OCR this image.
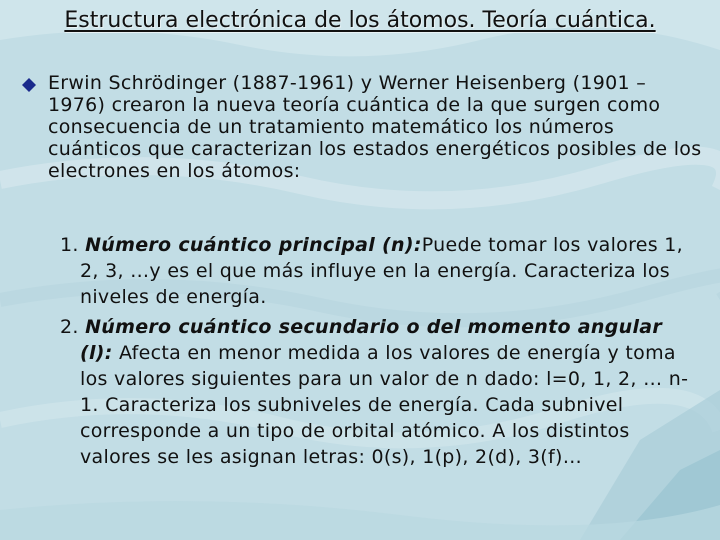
Estructura electrónica de los átomos. Teoría cuántica.
Erwin Schrödinger (1887-1961) y Werner Heisenberg (1901 – 1976) crearon la nueva teoría cuántica de la que surgen como consecuencia de un tratamiento matemático los números cuánticos que caracterizan los estados energéticos posibles de los electrones en los átomos:
1. Número cuántico principal (n):Puede tomar los valores 1, 2, 3, …y es el que más influye en la energía. Caracteriza los niveles de energía.
2. Número cuántico secundario o del momento angular (l): Afecta en menor medida a los valores de energía y toma los valores siguientes para un valor de n dado: l=0, 1, 2, … n-1. Caracteriza los subniveles de energía. Cada subnivel corresponde a un tipo de orbital atómico. A los distintos valores se les asignan letras: 0(s), 1(p), 2(d), 3(f)…
